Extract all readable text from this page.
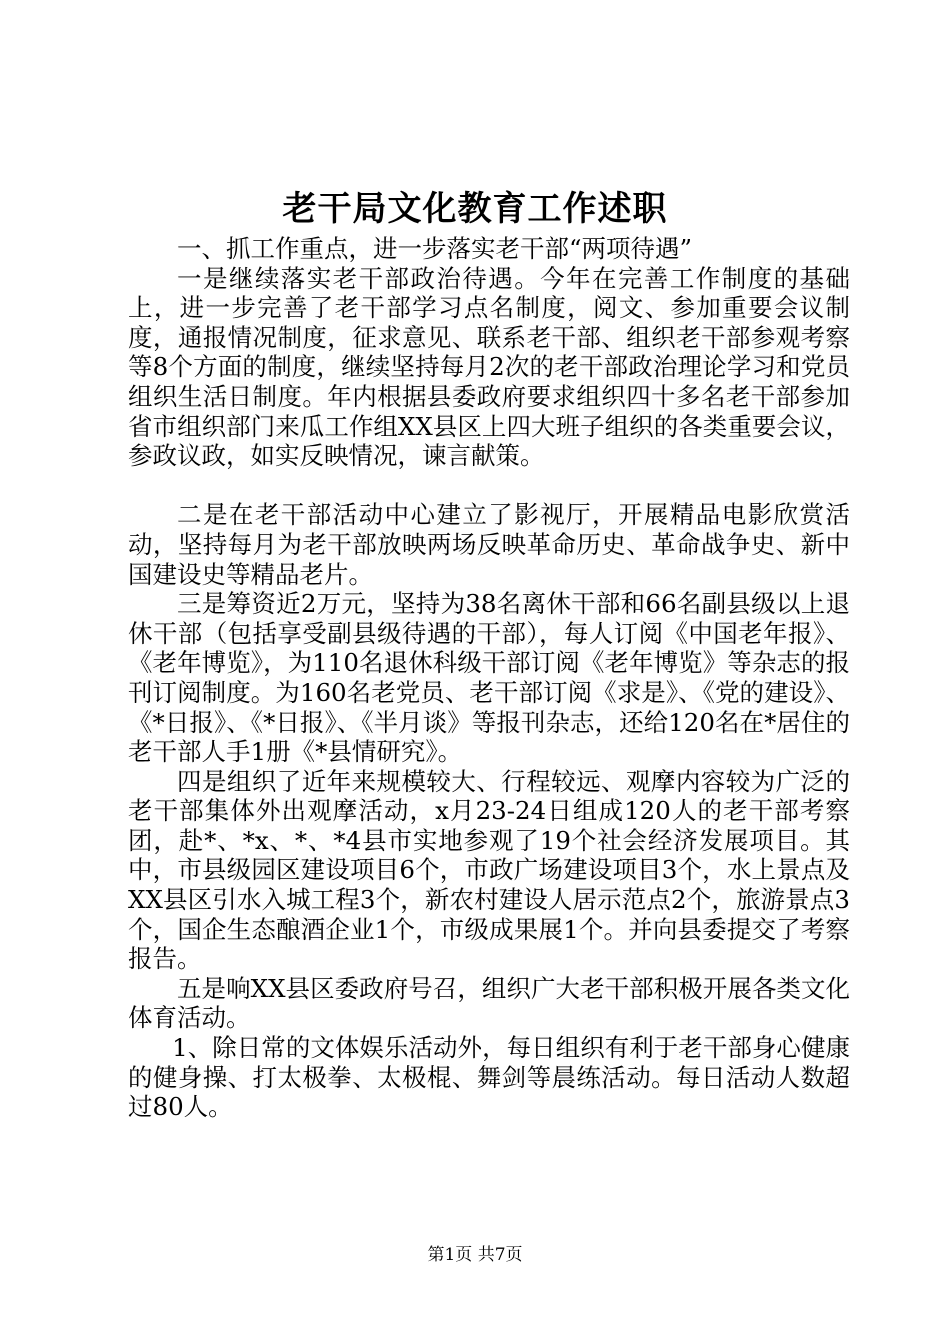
老干局文化教育工作述职

一、抓工作重点，进一步落实老干部“两项待遇”

一是继续落实老干部政治待遇。今年在完善工作制度的基础上，进一步完善了老干部学习点名制度，阅文、参加重要会议制度，通报情况制度，征求意见、联系老干部、组织老干部参观考察等8个方面的制度，继续坚持每月2次的老干部政治理论学习和党员组织生活日制度。年内根据县委政府要求组织四十多名老干部参加省市组织部门来瓜工作组XX县区上四大班子组织的各类重要会议，参政议政，如实反映情况，谏言献策。

二是在老干部活动中心建立了影视厅，开展精品电影欣赏活动，坚持每月为老干部放映两场反映革命历史、革命战争史、新中国建设史等精品老片。

三是筹资近2万元，坚持为38名离休干部和66名副县级以上退休干部（包括享受副县级待遇的干部），每人订阅《中国老年报》、《老年博览》，为110名退休科级干部订阅《老年博览》等杂志的报刊订阅制度。为160名老党员、老干部订阅《求是》、《党的建设》、《*日报》、《*日报》、《半月谈》等报刊杂志，还给120名在*居住的老干部人手1册《*县情研究》。

四是组织了近年来规模较大、行程较远、观摩内容较为广泛的老干部集体外出观摩活动，x月23-24日组成120人的老干部考察团，赴*、*x、*、*4县市实地参观了19个社会经济发展项目。其中，市县级园区建设项目6个，市政广场建设项目3个，水上景点及XX县区引水入城工程3个，新农村建设人居示范点2个，旅游景点3个，国企生态酿酒企业1个，市级成果展1个。并向县委提交了考察报告。

五是响XX县区委政府号召，组织广大老干部积极开展各类文化体育活动。

1、除日常的文体娱乐活动外，每日组织有利于老干部身心健康的健身操、打太极拳、太极棍、舞剑等晨练活动。每日活动人数超过80人。

第1页 共7页
